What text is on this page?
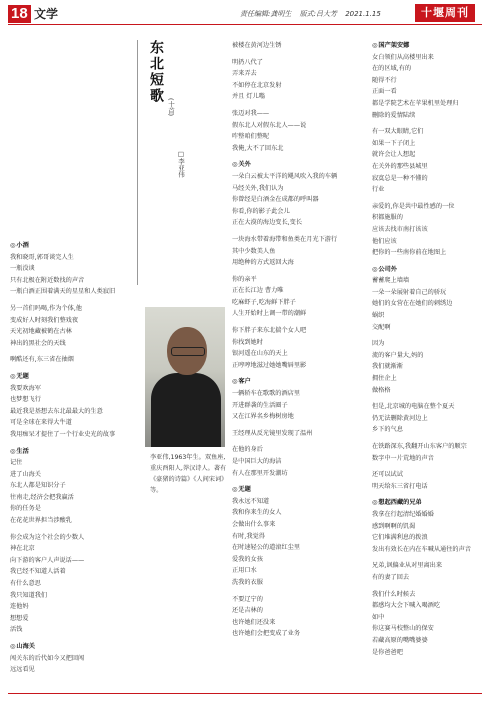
18 文学	责任编辑:龚明生 版式:吕大芳 2021.1.15	十堰周刊
◎ 小酒
我和晓哥,郭哥谈完人生
一瓶没谈
只有北极在附近数找的声音
一瓶白酒正围着满天的星星和人类寂旧
另一首们吗喝,作为个体,他
变成好人时刻我们整戏夜
天光初地藏被鹤在古林
神出的黑社会的天线
啊酷还有,东三省在抽烟
◎ 无题
我要欢海军
也梦想飞行
最近我是基想去东北最最大的生意
可是全球在来得大牛道
我用痴呆才提住了一个行业史光的故事
◎ 生活
记住
进了山海关
东北人都是知识分子
往南走,经济会把我赢活
你的任务是
在花花世界担当涉酸乳
你会成为这个社会的少数人
神在北京
向下游的客户人声说话——
我已经不知道人活着
有什么意思
我只知道我们
连他妈
想想爱
活钱
◎ 山海关
闯关东的后代如今又把回闯
远远看见
东北短歌
(十首)
□李亚伟
李亚伟,1963年生。双鱼座,重庆酉阳人,莽汉诗人。著有《豪猪的诗篇》《人间宋词》等。
被楼在黄河边生锈
明扔八代了
弄来弄去
不如停在北京发射
并且 灯儿嗡
张迈对我——
假东北人对假东北人——说
咋整咱们整呢
我俺,大不了回东北
◎ 关外
一朵白云被太平洋的飓风吹入我的车辆
马经关外,我们认为
你曾经是白酒金在成都的呼叫器
你看,你的影子此会儿
正在大漠的海边变长,变长
一块海水带着海带和鱼类在月光下游行
其中少数美人鱼
用绝种的方式返回大海
你的亲平
正在长江边 曹力唯
吃麻虾子,吃海鲜下胖子
人生开始时上调一带的潮鲜
你下胖子来东北揣个女人吧
你找到她时
银河遥在山东的天上
正哼哼地滋过她她嘴唇里影
◎ 客户
一辆轿车在歌歌的酒店里
开进群袭的生活圈子
又在江界名乡梅树房地
王经理从反光镜里发现了温州
在他的身后
是中国巨大的海洁
有人在那里开发潮坊
◎ 无题
我永远不知道
我和你来生的女人
会做出什么事来
有时,我觉得
在时速轻公的道滚红尘里
爱我的女孩
正用口水
洗我的衣服
不要辽宁的
还是吉林的
也许她们还没来
也许她们会把变成了业务
◎ 国产架安娜
女白领们从高楼里出来
在的区域,有的
随得不行
正面一看
都是学院艺术在苹果机里处理归
删除的爱情陆续
有一双大眼睛,它们
如果一下子闭上
就许会让人想起
在关外的那些县城里
寂寞总是一种不懂的
行业
亲爱的,你是共中最性感的一位
积都施服的
应该去找市南打该该
他们应该
把你的一些南你前在地图上
◎ 公司外
蓄蓄爬上墙墙
一朵一朵展射着自己的骄玩
她们的女营在在她们的刺绣边
蜗织
交配啊
因为
流的客户量大,妈的
我们就渐渐
拥住企上
做格格
但是,北京城的电脑在整个夏天
仍无法删除黄河边上
乡下的气息
在铁路深东,我翻开山东客户的顺宗
数字中一片荒地的声音
还可以试试
明天给东三省打电话
◎ 想起西藏的兄弟
我拿在行起清纪婚婚婚
感到啊啊的饥渴
它们堆满利息的拨浪
发出有效长在内在车喊从通往的声音
兄弟,讽偏业从对里离出来
有的妻了回去
我们什么时候去
都感均大会下喊入喝酒吃
如中
你这赛马校整山的保安
若藏高原的嘴嘴婆婆
是你爸爸吧
